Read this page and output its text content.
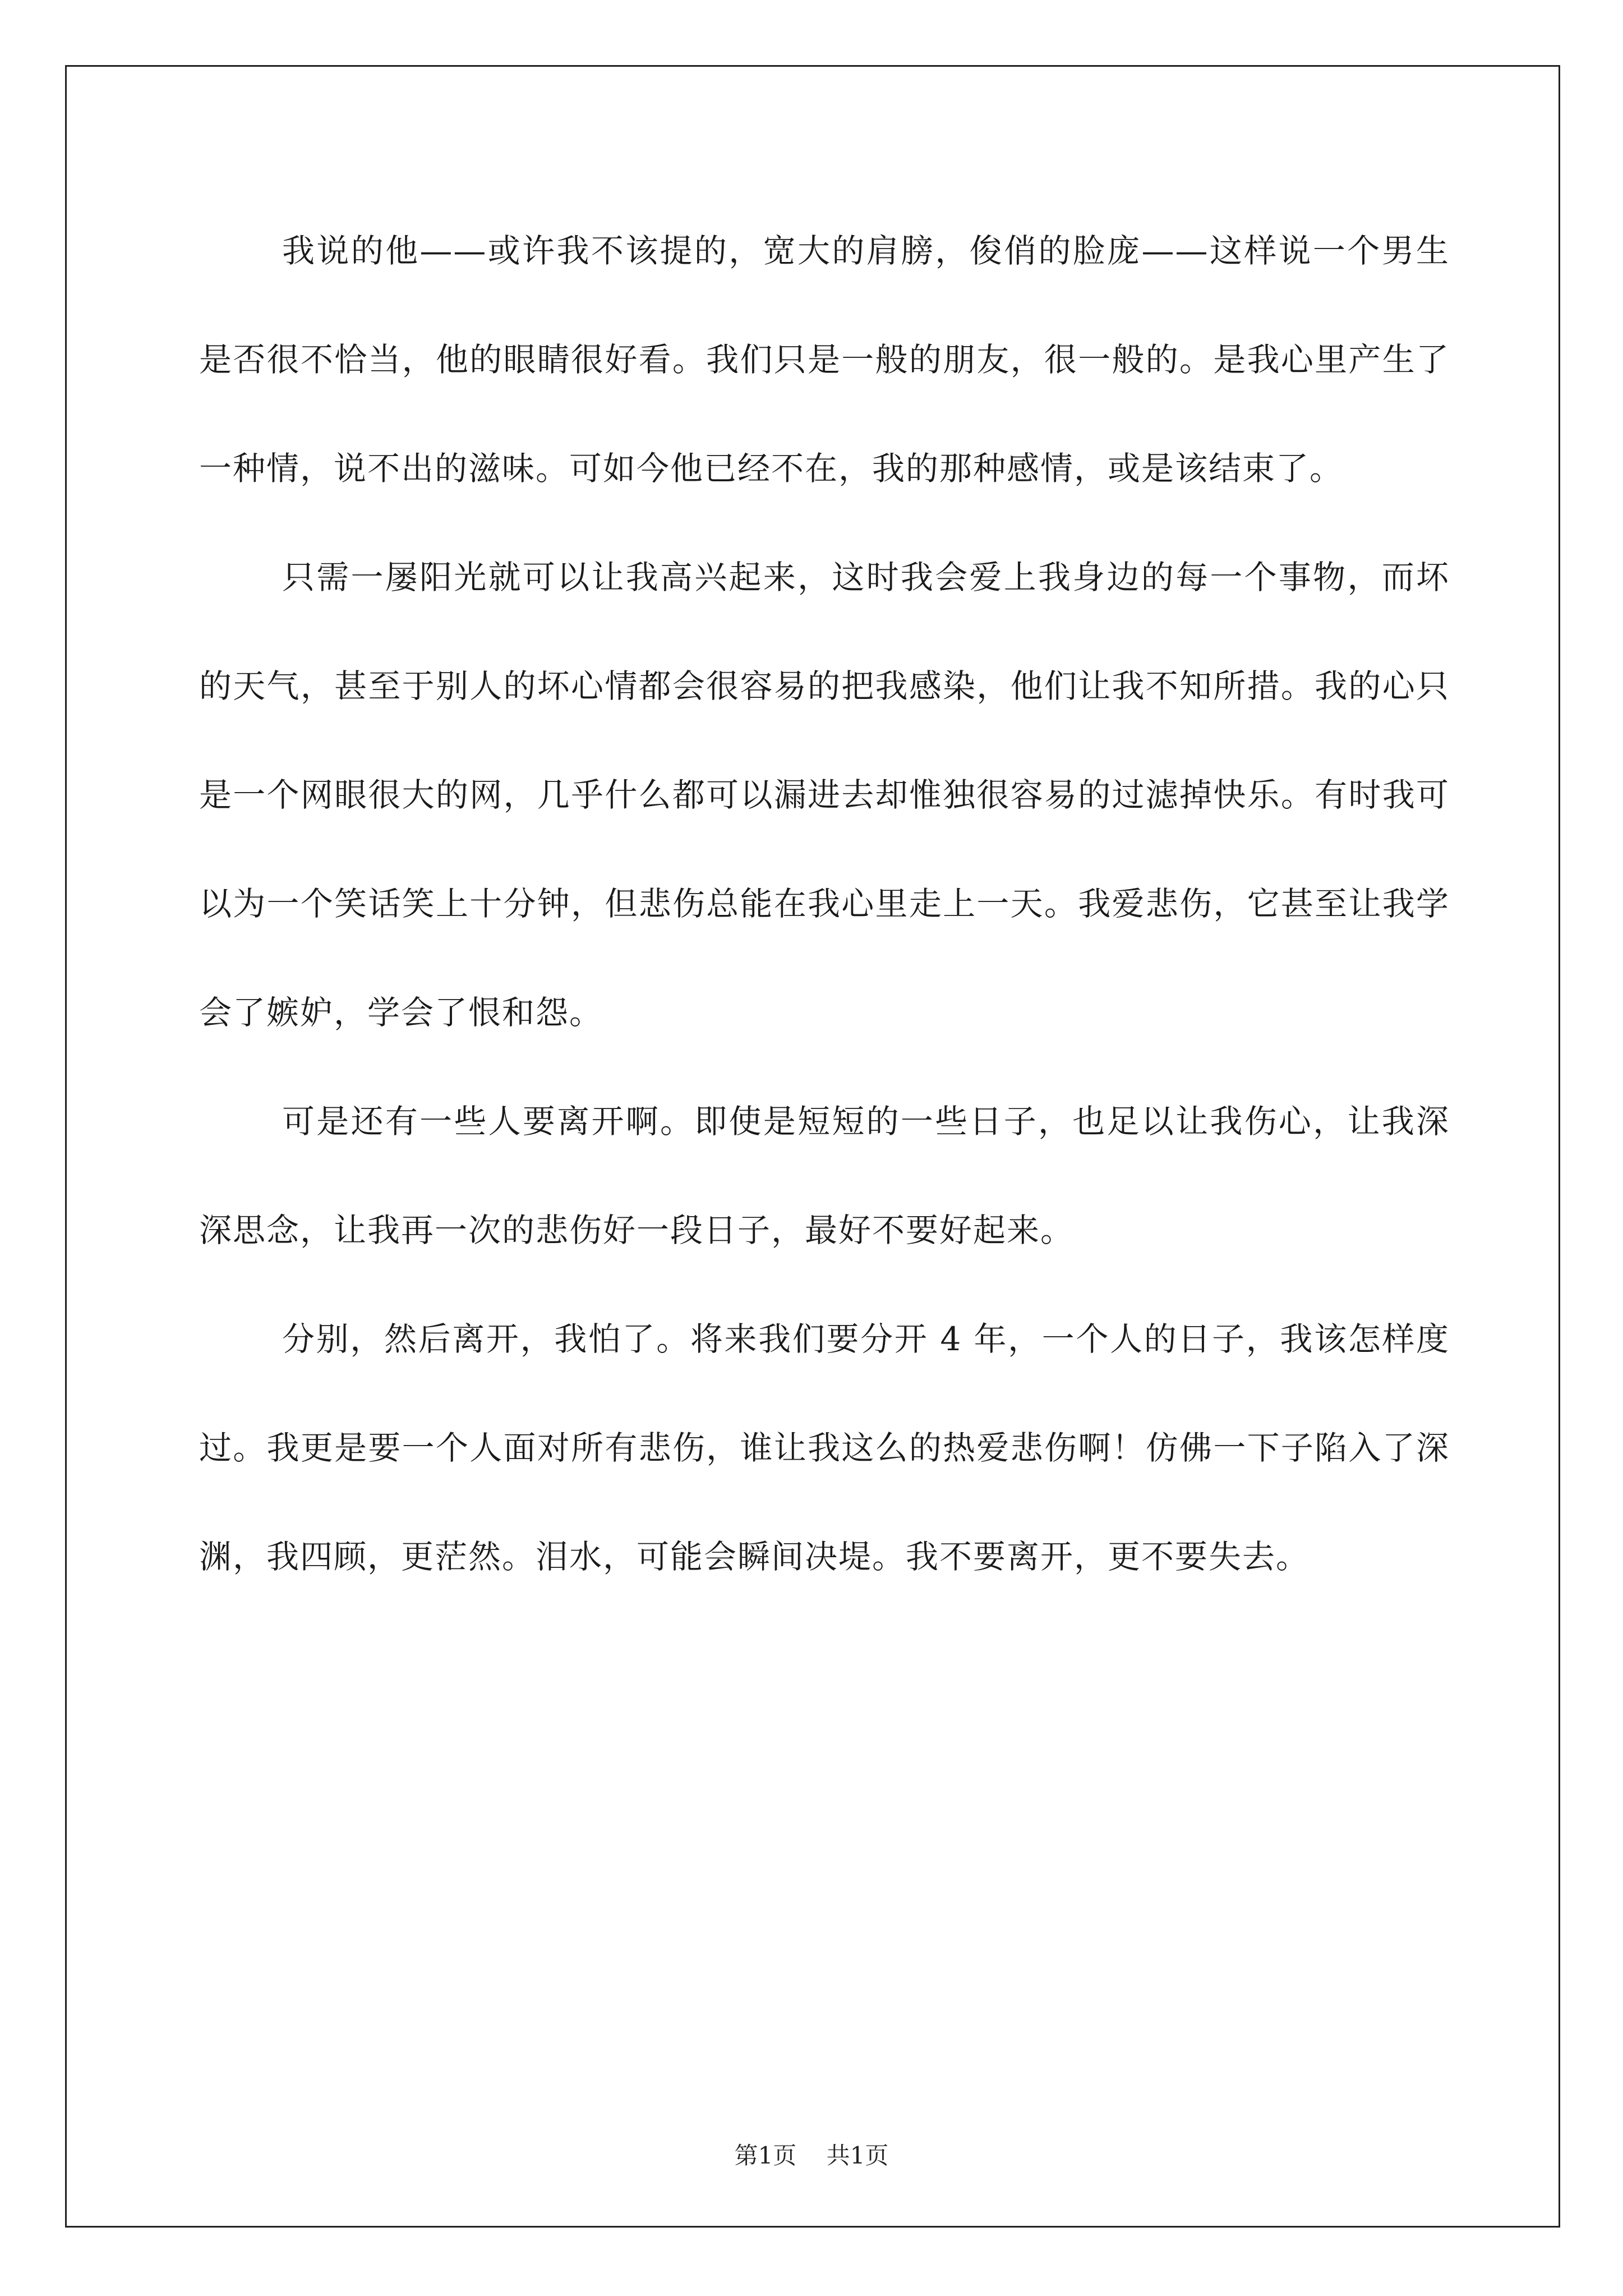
我说的他——或许我不该提的，宽大的肩膀，俊俏的脸庞——这样说一个男生是否很不恰当，他的眼睛很好看。我们只是一般的朋友，很一般的。是我心里产生了一种情，说不出的滋味。可如今他已经不在，我的那种感情，或是该结束了。

只需一屡阳光就可以让我高兴起来，这时我会爱上我身边的每一个事物，而坏的天气，甚至于别人的坏心情都会很容易的把我感染，他们让我不知所措。我的心只是一个网眼很大的网，几乎什么都可以漏进去却惟独很容易的过滤掉快乐。有时我可以为一个笑话笑上十分钟，但悲伤总能在我心里走上一天。我爱悲伤，它甚至让我学会了嫉妒，学会了恨和怨。

可是还有一些人要离开啊。即使是短短的一些日子，也足以让我伤心，让我深深思念，让我再一次的悲伤好一段日子，最好不要好起来。

分别，然后离开，我怕了。将来我们要分开 4 年，一个人的日子，我该怎样度过。我更是要一个人面对所有悲伤，谁让我这么的热爱悲伤啊！仿佛一下子陷入了深渊，我四顾，更茫然。泪水，可能会瞬间决堤。我不要离开，更不要失去。

第1页 共1页
